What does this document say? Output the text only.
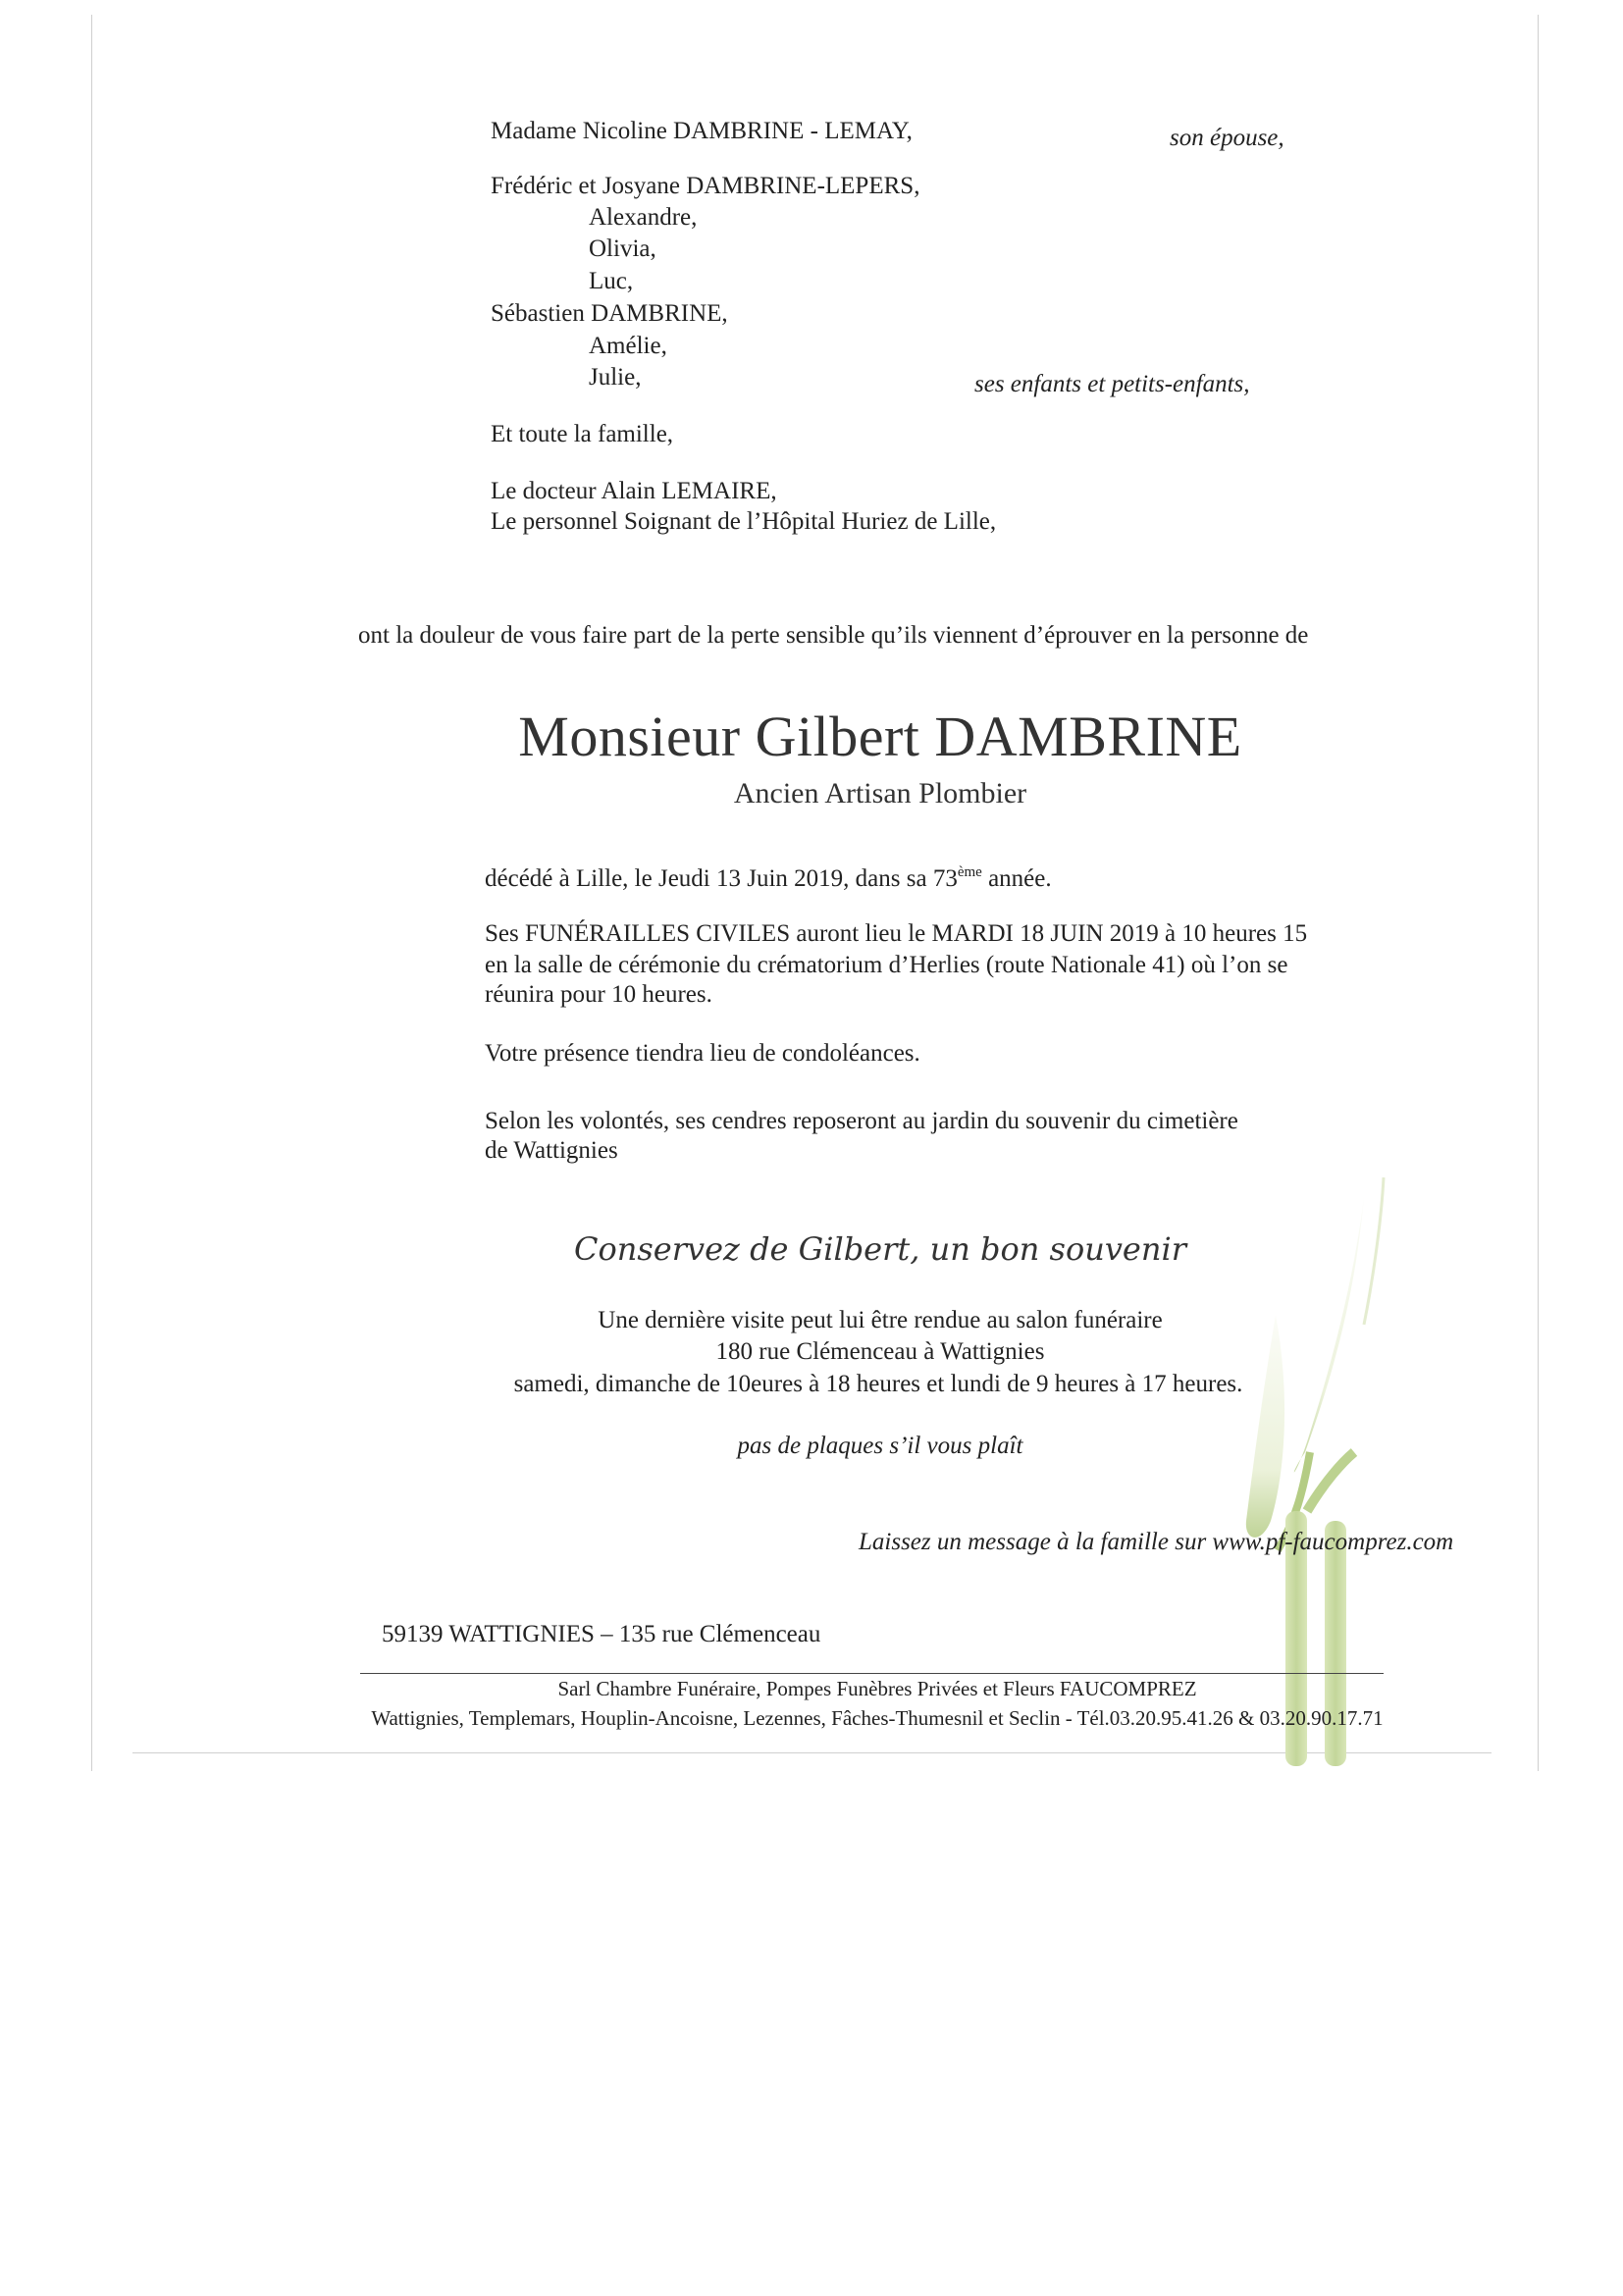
Madame Nicoline DAMBRINE - LEMAY,	son épouse,
Frédéric et Josyane DAMBRINE-LEPERS,
Alexandre,
Olivia,
Luc,
Sébastien DAMBRINE,
Amélie,
Julie,	ses enfants et petits-enfants,
Et toute la famille,
Le docteur Alain LEMAIRE,
Le personnel Soignant de l’Hôpital Huriez de Lille,
ont la douleur de vous faire part de la perte sensible qu’ils viennent d’éprouver en la personne de
Monsieur Gilbert DAMBRINE
Ancien Artisan Plombier
décédé à Lille, le Jeudi 13 Juin 2019, dans sa 73ème année.
Ses FUNÉRAILLES CIVILES auront lieu le MARDI 18 JUIN 2019 à 10 heures 15
en la salle de cérémonie du crématorium d’Herlies (route Nationale 41) où l’on se
réunira pour 10 heures.
Votre présence tiendra lieu de condoléances.
Selon les volontés, ses cendres reposeront au jardin du souvenir du cimetière
de Wattignies
Conservez de Gilbert, un bon souvenir
Une dernière visite peut lui être rendue au salon funéraire
180 rue Clémenceau à Wattignies
samedi, dimanche de 10eures à 18 heures et lundi de 9 heures à 17 heures.
pas de plaques s’il vous plaît
Laissez un message à la famille sur www.pf-faucomprez.com
59139 WATTIGNIES – 135 rue Clémenceau
Sarl Chambre Funéraire, Pompes Funèbres Privées et Fleurs FAUCOMPREZ
Wattignies, Templemars, Houplin-Ancoisne, Lezennes, Fâches-Thumesnil et Seclin - Tél.03.20.95.41.26 & 03.20.90.17.71
